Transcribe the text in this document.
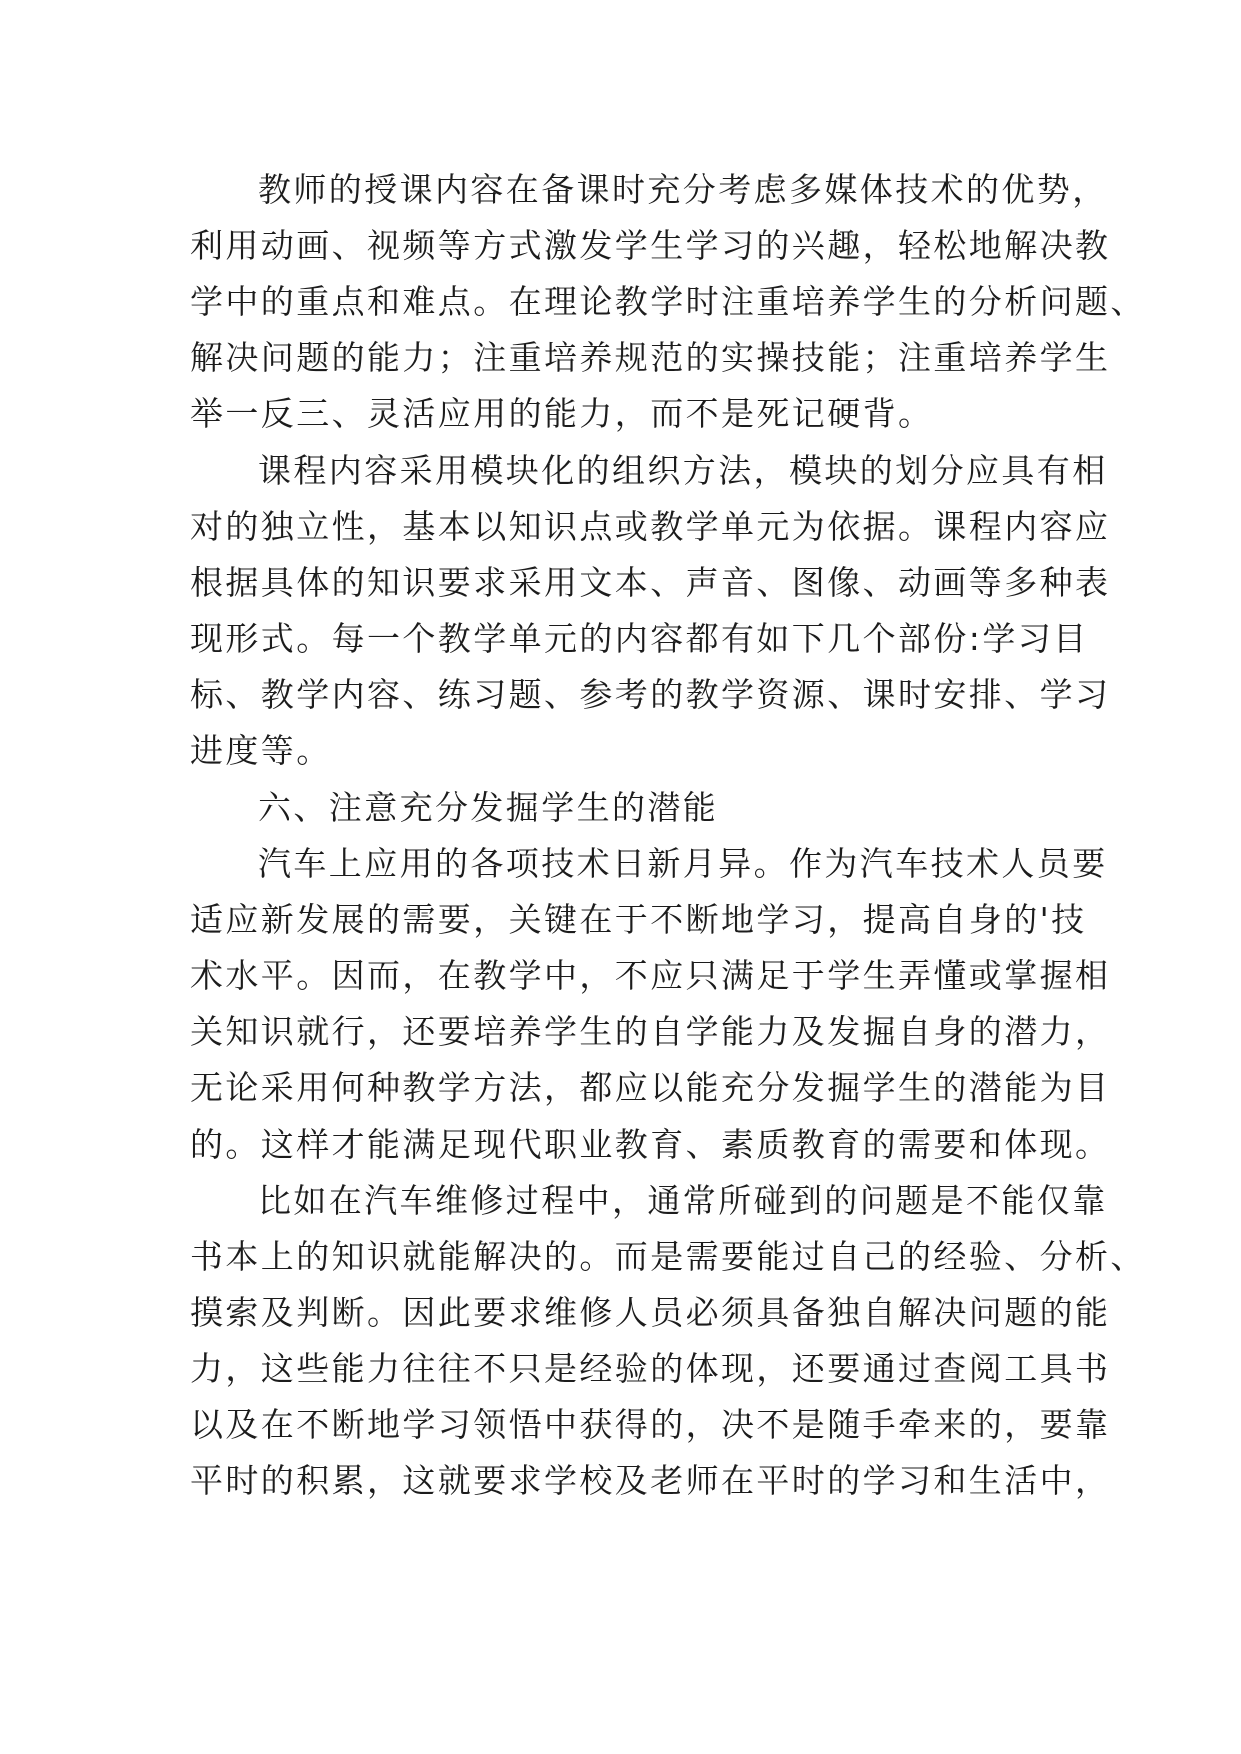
教师的授课内容在备课时充分考虑多媒体技术的优势，
利用动画、视频等方式激发学生学习的兴趣，轻松地解决教
学中的重点和难点。在理论教学时注重培养学生的分析问题、
解决问题的能力；注重培养规范的实操技能；注重培养学生
举一反三、灵活应用的能力，而不是死记硬背。
课程内容采用模块化的组织方法，模块的划分应具有相
对的独立性，基本以知识点或教学单元为依据。课程内容应
根据具体的知识要求采用文本、声音、图像、动画等多种表
现形式。每一个教学单元的内容都有如下几个部份:学习目
标、教学内容、练习题、参考的教学资源、课时安排、学习
进度等。
六、注意充分发掘学生的潜能
汽车上应用的各项技术日新月异。作为汽车技术人员要
适应新发展的需要，关键在于不断地学习，提高自身的'技
术水平。因而，在教学中，不应只满足于学生弄懂或掌握相
关知识就行，还要培养学生的自学能力及发掘自身的潜力，
无论采用何种教学方法，都应以能充分发掘学生的潜能为目
的。这样才能满足现代职业教育、素质教育的需要和体现。
比如在汽车维修过程中，通常所碰到的问题是不能仅靠
书本上的知识就能解决的。而是需要能过自己的经验、分析、
摸索及判断。因此要求维修人员必须具备独自解决问题的能
力，这些能力往往不只是经验的体现，还要通过查阅工具书
以及在不断地学习领悟中获得的，决不是随手牵来的，要靠
平时的积累，这就要求学校及老师在平时的学习和生活中，
